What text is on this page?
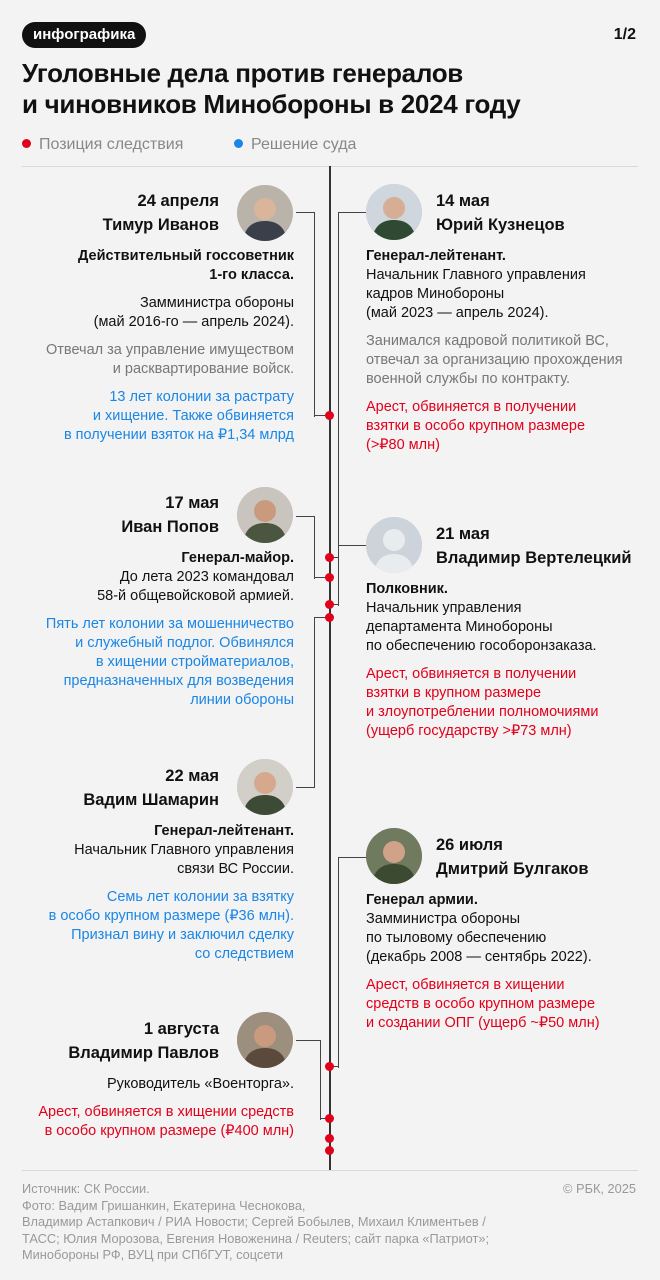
инфографика	1/2
Уголовные дела против генералов
и чиновников Минобороны в 2024 году
Позиция следствия	Решение суда
24 апреля
Тимур Иванов
Действительный госсоветник
1-го класса.
Замминистра обороны
(май 2016-го — апрель 2024).
Отвечал за управление имуществом
и расквартирование войск.
13 лет колонии за растрату
и хищение. Также обвиняется
в получении взяток на ₽1,34 млрд
14 мая
Юрий Кузнецов
Генерал-лейтенант.
Начальник Главного управления
кадров Минобороны
(май 2023 — апрель 2024).
Занимался кадровой политикой ВС,
отвечал за организацию прохождения
военной службы по контракту.
Арест, обвиняется в получении
взятки в особо крупном размере
(>₽80 млн)
17 мая
Иван Попов
Генерал-майор.
До лета 2023 командовал
58-й общевойсковой армией.
Пять лет колонии за мошенничество
и служебный подлог. Обвинялся
в хищении стройматериалов,
предназначенных для возведения
линии обороны
21 мая
Владимир Вертелецкий
Полковник.
Начальник управления
департамента Минобороны
по обеспечению гособоронзаказа.
Арест, обвиняется в получении
взятки в крупном размере
и злоупотреблении полномочиями
(ущерб государству >₽73 млн)
22 мая
Вадим Шамарин
Генерал-лейтенант.
Начальник Главного управления
связи ВС России.
Семь лет колонии за взятку
в особо крупном размере (₽36 млн).
Признал вину и заключил сделку
со следствием
26 июля
Дмитрий Булгаков
Генерал армии.
Замминистра обороны
по тыловому обеспечению
(декабрь 2008 — сентябрь 2022).
Арест, обвиняется в хищении
средств в особо крупном размере
и создании ОПГ (ущерб ~₽50 млн)
1 августа
Владимир Павлов
Руководитель «Военторга».
Арест, обвиняется в хищении средств
в особо крупном размере (₽400 млн)
Источник: СК России.
Фото: Вадим Гришанкин, Екатерина Чеснокова,
Владимир Астапкович / РИА Новости; Сергей Бобылев, Михаил Климентьев /
ТАСС; Юлия Морозова, Евгения Новоженина / Reuters; сайт парка «Патриот»;
Минобороны РФ, ВУЦ при СПбГУТ, соцсети
© РБК, 2025
